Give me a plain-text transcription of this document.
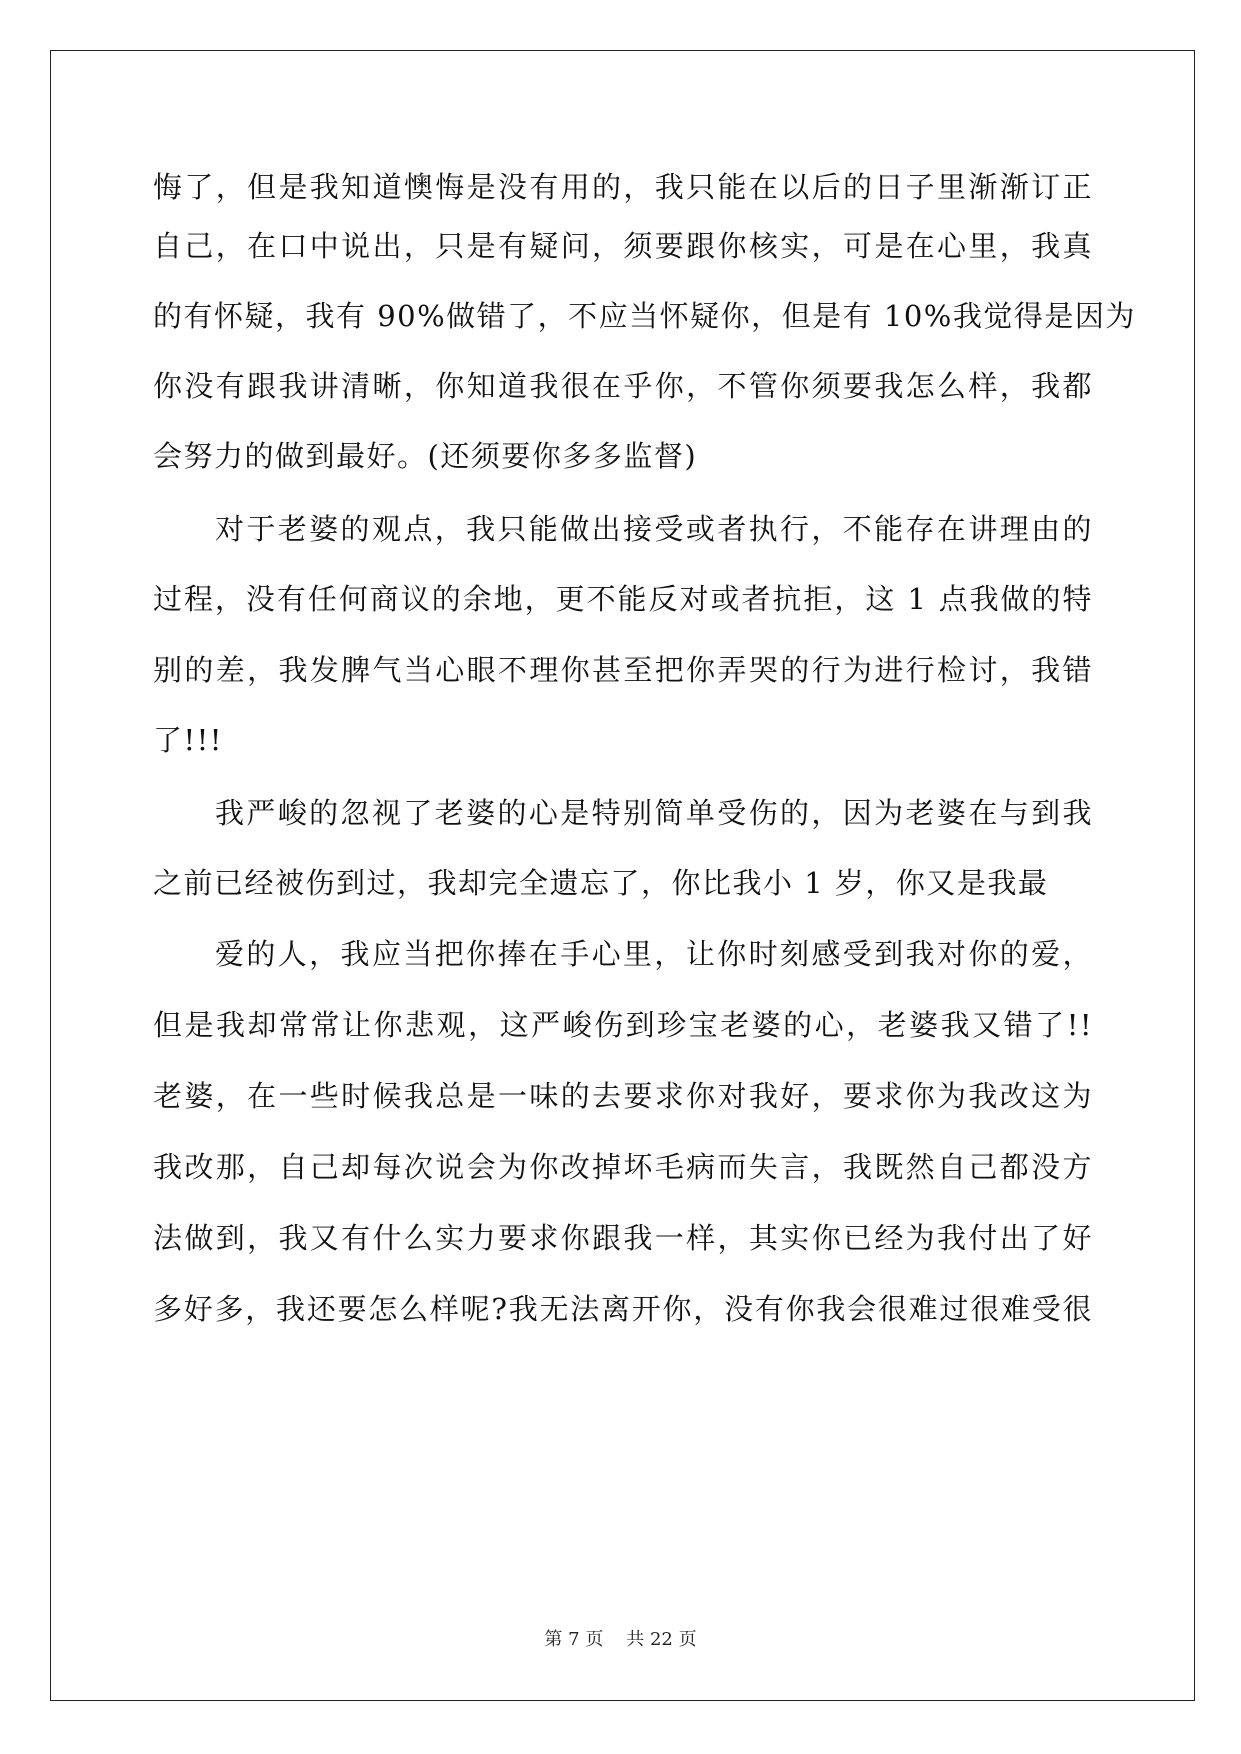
悔了，但是我知道懊悔是没有用的，我只能在以后的日子里渐渐订正
自己，在口中说出，只是有疑问，须要跟你核实，可是在心里，我真
的有怀疑，我有 90%做错了，不应当怀疑你，但是有 10%我觉得是因为
你没有跟我讲清晰，你知道我很在乎你，不管你须要我怎么样，我都
会努力的做到最好。(还须要你多多监督)
对于老婆的观点，我只能做出接受或者执行，不能存在讲理由的
过程，没有任何商议的余地，更不能反对或者抗拒，这 1 点我做的特
别的差，我发脾气当心眼不理你甚至把你弄哭的行为进行检讨，我错
了!!!
我严峻的忽视了老婆的心是特别简单受伤的，因为老婆在与到我
之前已经被伤到过，我却完全遗忘了，你比我小 1 岁，你又是我最
爱的人，我应当把你捧在手心里，让你时刻感受到我对你的爱，
但是我却常常让你悲观，这严峻伤到珍宝老婆的心，老婆我又错了!!
老婆，在一些时候我总是一味的去要求你对我好，要求你为我改这为
我改那，自己却每次说会为你改掉坏毛病而失言，我既然自己都没方
法做到，我又有什么实力要求你跟我一样，其实你已经为我付出了好
多好多，我还要怎么样呢?我无法离开你，没有你我会很难过很难受很
第 7 页 共 22 页
